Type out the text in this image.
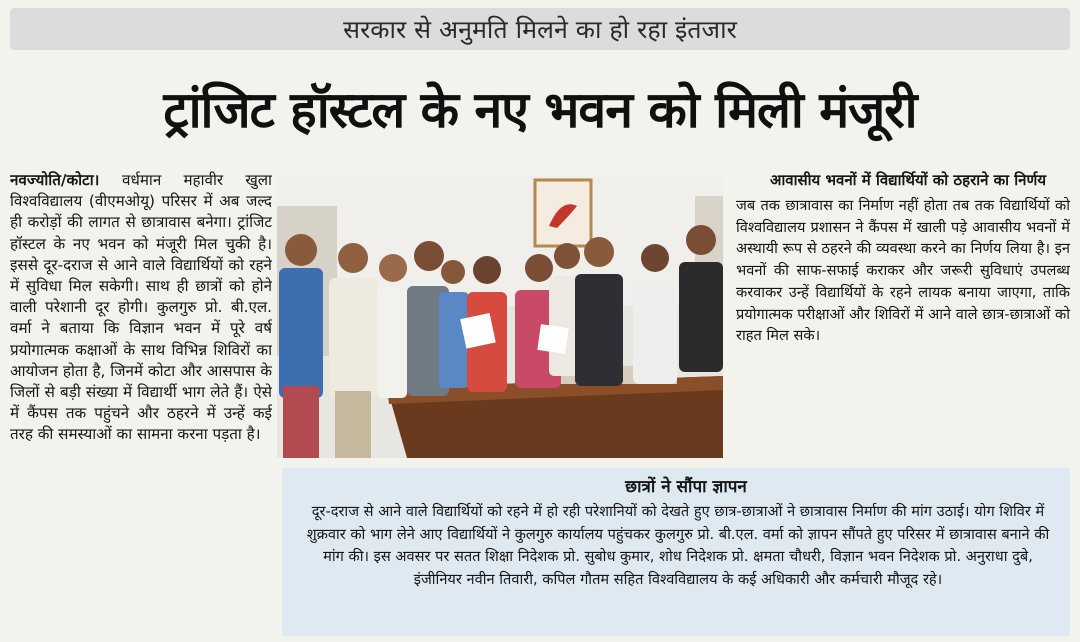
सरकार से अनुमति मिलने का हो रहा इंतजार
ट्रांजिट हॉस्टल के नए भवन को मिली मंजूरी
नवज्योति/कोटा। वर्धमान महावीर खुला विश्वविद्यालय (वीएमओयू) परिसर में अब जल्द ही करोड़ों की लागत से छात्रावास बनेगा। ट्रांजिट हॉस्टल के नए भवन को मंजूरी मिल चुकी है। इससे दूर-दराज से आने वाले विद्यार्थियों को रहने में सुविधा मिल सकेगी। साथ ही छात्रों को होने वाली परेशानी दूर होगी। कुलगुरु प्रो. बी.एल. वर्मा ने बताया कि विज्ञान भवन में पूरे वर्ष प्रयोगात्मक कक्षाओं के साथ विभिन्न शिविरों का आयोजन होता है, जिनमें कोटा और आसपास के जिलों से बड़ी संख्या में विद्यार्थी भाग लेते हैं। ऐसे में कैंपस तक पहुंचने और ठहरने में उन्हें कई तरह की समस्याओं का सामना करना पड़ता है।
आवासीय भवनों में विद्यार्थियों को ठहराने का निर्णय
जब तक छात्रावास का निर्माण नहीं होता तब तक विद्यार्थियों को विश्वविद्यालय प्रशासन ने कैंपस में खाली पड़े आवासीय भवनों में अस्थायी रूप से ठहरने की व्यवस्था करने का निर्णय लिया है। इन भवनों की साफ-सफाई कराकर और जरूरी सुविधाएं उपलब्ध करवाकर उन्हें विद्यार्थियों के रहने लायक बनाया जाएगा, ताकि प्रयोगात्मक परीक्षाओं और शिविरों में आने वाले छात्र-छात्राओं को राहत मिल सके।
छात्रों ने सौंपा ज्ञापन
दूर-दराज से आने वाले विद्यार्थियों को रहने में हो रही परेशानियों को देखते हुए छात्र-छात्राओं ने छात्रावास निर्माण की मांग उठाई। योग शिविर में शुक्रवार को भाग लेने आए विद्यार्थियों ने कुलगुरु कार्यालय पहुंचकर कुलगुरु प्रो. बी.एल. वर्मा को ज्ञापन सौंपते हुए परिसर में छात्रावास बनाने की मांग की। इस अवसर पर सतत शिक्षा निदेशक प्रो. सुबोध कुमार, शोध निदेशक प्रो. क्षमता चौधरी, विज्ञान भवन निदेशक प्रो. अनुराधा दुबे, इंजीनियर नवीन तिवारी, कपिल गौतम सहित विश्वविद्यालय के कई अधिकारी और कर्मचारी मौजूद रहे।
